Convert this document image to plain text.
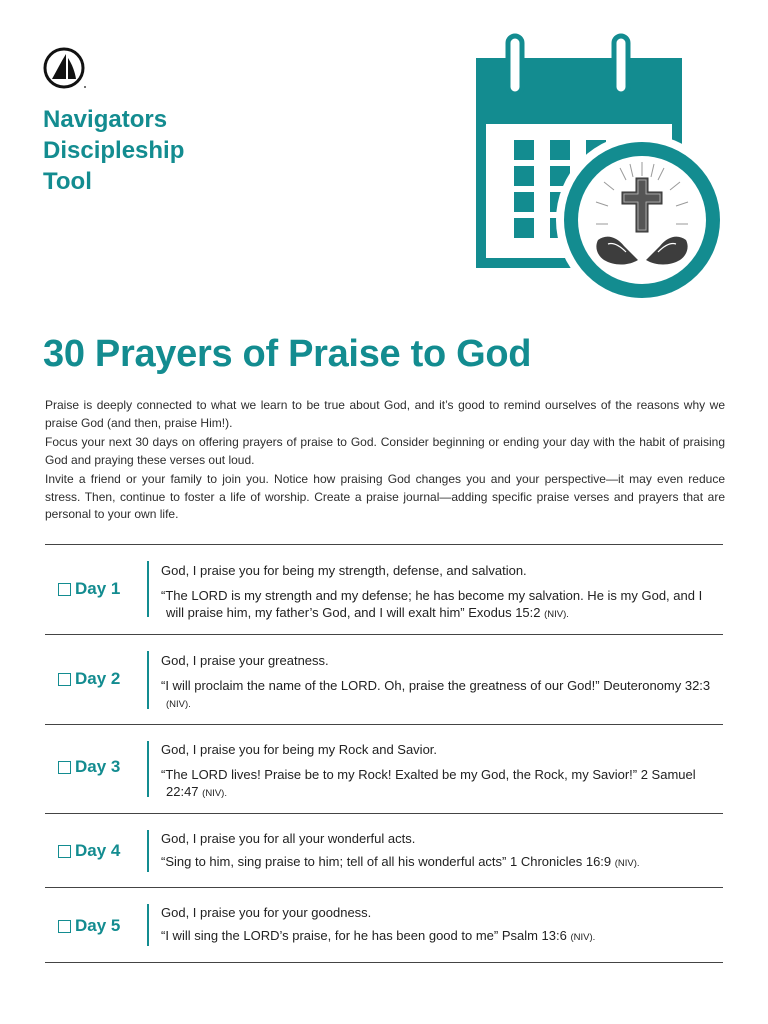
Navigators
Discipleship
Tool
30 Prayers of Praise to God

Praise is deeply connected to what we learn to be true about God, and it’s good to remind ourselves of the reasons why we praise God (and then, praise Him!).

Focus your next 30 days on offering prayers of praise to God. Consider beginning or ending your day with the habit of praising God and praying these verses out loud.

Invite a friend or your family to join you. Notice how praising God changes you and your perspective—it may even reduce stress. Then, continue to foster a life of worship. Create a praise journal—adding specific praise verses and prayers that are personal to your own life.

Day 1

God, I praise you for being my strength, defense, and salvation.

“The LORD is my strength and my defense; he has become my salvation. He is my God, and I will praise him, my father’s God, and I will exalt him” Exodus 15:2 (NIV).

Day 2

God, I praise your greatness.

“I will proclaim the name of the LORD. Oh, praise the greatness of our God!” Deuteronomy 32:3 (NIV).

Day 3

God, I praise you for being my Rock and Savior.

“The LORD lives! Praise be to my Rock! Exalted be my God, the Rock, my Savior!” 2 Samuel 22:47 (NIV).

Day 4

God, I praise you for all your wonderful acts.

“Sing to him, sing praise to him; tell of all his wonderful acts” 1 Chronicles 16:9 (NIV).

Day 5

God, I praise you for your goodness.

“I will sing the LORD’s praise, for he has been good to me” Psalm 13:6 (NIV).
